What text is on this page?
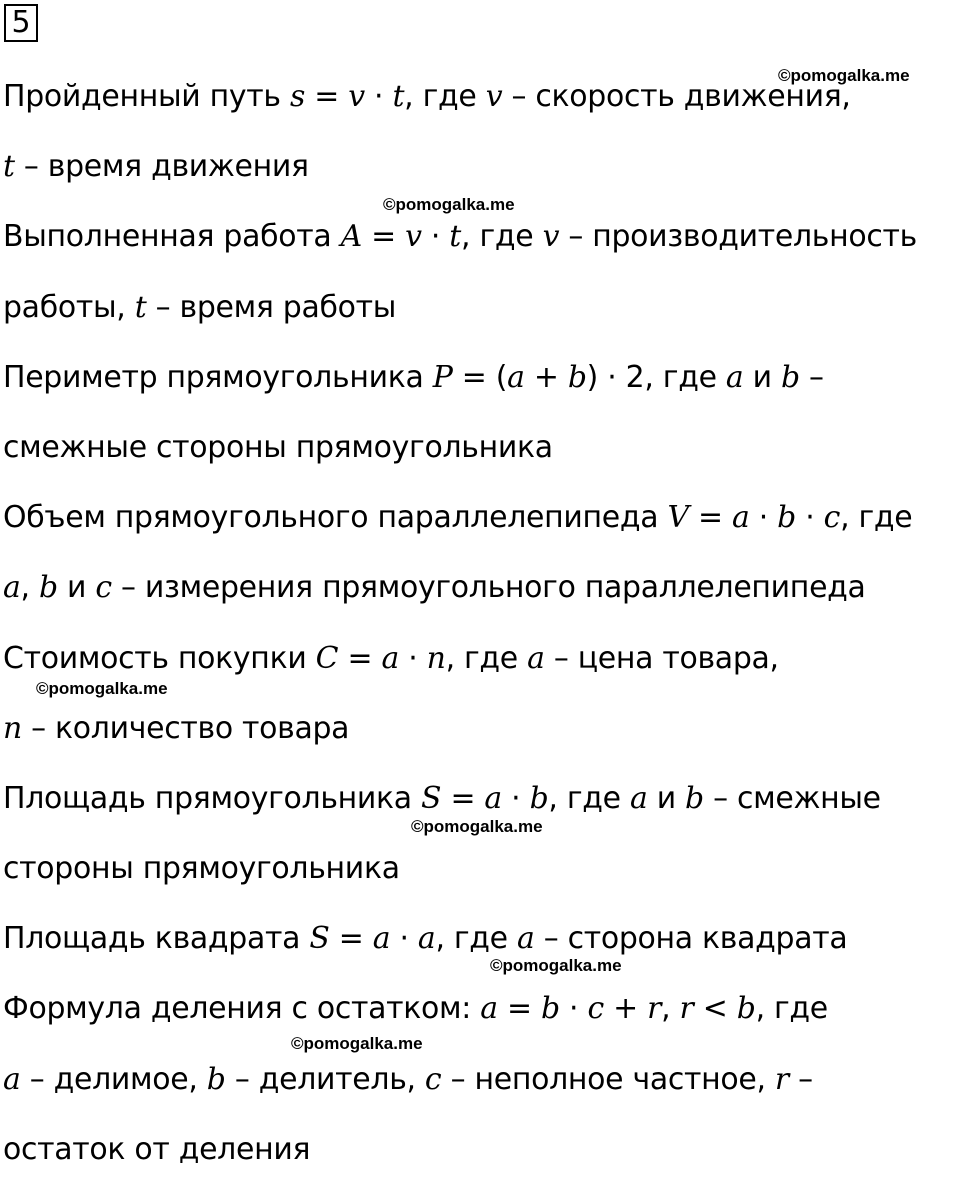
5
Пройденный путь s = v · t, где v – скорость движения,
t – время движения
Выполненная работа A = v · t, где v – производительность
работы, t – время работы
Периметр прямоугольника P = (a + b) · 2, где a и b –
смежные стороны прямоугольника
Объем прямоугольного параллелепипеда V = a · b · c, где
a, b и c – измерения прямоугольного параллелепипеда
Стоимость покупки C = a · n, где a – цена товара,
n – количество товара
Площадь прямоугольника S = a · b, где a и b – смежные
стороны прямоугольника
Площадь квадрата S = a · a, где a – сторона квадрата
Формула деления с остатком: a = b · c + r, r < b, где
a – делимое, b – делитель, c – неполное частное, r –
остаток от деления
©pomogalka.me
©pomogalka.me
©pomogalka.me
©pomogalka.me
©pomogalka.me
©pomogalka.me
